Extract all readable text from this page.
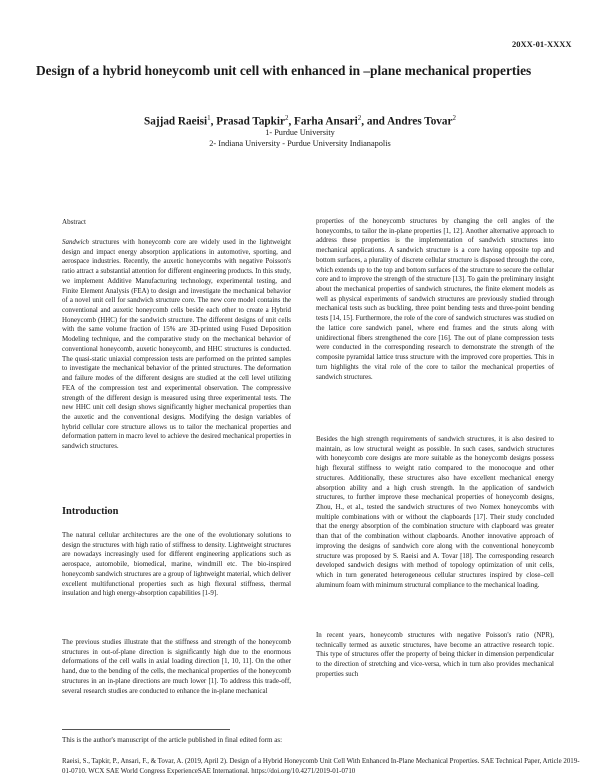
20XX-01-XXXX
Design of a hybrid honeycomb unit cell with enhanced in –plane mechanical properties
Sajjad Raeisi$^1$, Prasad Tapkir$^2$, Farha Ansari$^2$, and Andres Tovar$^2$
1- Purdue University
2- Indiana University - Purdue University Indianapolis
Abstract

Sandwich structures with honeycomb core are widely used in the lightweight design and impact energy absorption applications in automotive, sporting, and aerospace industries. Recently, the auxetic honeycombs with negative Poisson's ratio attract a substantial attention for different engineering products. In this study, we implement Additive Manufacturing technology, experimental testing, and Finite Element Analysis (FEA) to design and investigate the mechanical behavior of a novel unit cell for sandwich structure core. The new core model contains the conventional and auxetic honeycomb cells beside each other to create a Hybrid Honeycomb (HHC) for the sandwich structure. The different designs of unit cells with the same volume fraction of 15% are 3D-printed using Fused Deposition Modeling technique, and the comparative study on the mechanical behavior of conventional honeycomb, auxetic honeycomb, and HHC structures is conducted. The quasi-static uniaxial compression tests are performed on the printed samples to investigate the mechanical behavior of the printed structures. The deformation and failure modes of the different designs are studied at the cell level utilizing FEA of the compression test and experimental observation. The compressive strength of the different design is measured using three experimental tests. The new HHC unit cell design shows significantly higher mechanical properties than the auxetic and the conventional designs. Modifying the design variables of hybrid cellular core structure allows us to tailor the mechanical properties and deformation pattern in macro level to achieve the desired mechanical properties in sandwich structures.

Introduction
The natural cellular architectures are the one of the evolutionary solutions to design the structures with high ratio of stiffness to density. Lightweight structures are nowadays increasingly used for different engineering applications such as aerospace, automobile, biomedical, marine, windmill etc. The bio-inspired honeycomb sandwich structures are a group of lightweight material, which deliver excellent multifunctional properties such as high flexural stiffness, thermal insulation and high energy-absorption capabilities [1-9].
The previous studies illustrate that the stiffness and strength of the honeycomb structures in out-of-plane direction is significantly high due to the enormous deformations of the cell walls in axial loading direction [1, 10, 11]. On the other hand, due to the bending of the cells, the mechanical properties of the honeycomb structures in an in-plane directions are much lower [1]. To address this trade-off, several research studies are conducted to enhance the in-plane mechanical
properties of the honeycomb structures by changing the cell angles of the honeycombs, to tailor the in-plane properties [1, 12]. Another alternative approach to address these properties is the implementation of sandwich structures into mechanical applications. A sandwich structure is a core having opposite top and bottom surfaces, a plurality of discrete cellular structure is disposed through the core, which extends up to the top and bottom surfaces of the structure to secure the cellular core and to improve the strength of the structure [13]. To gain the preliminary insight about the mechanical properties of sandwich structures, the finite element models as well as physical experiments of sandwich structures are previously studied through mechanical tests such as buckling, three point bending tests and three-point bending tests [14, 15]. Furthermore, the role of the core of sandwich structures was studied on the lattice core sandwich panel, where end frames and the struts along with unidirectional fibers strengthened the core [16]. The out of plane compression tests were conducted in the corresponding research to demonstrate the strength of the composite pyramidal lattice truss structure with the improved core properties. This in turn highlights the vital role of the core to tailor the mechanical properties of sandwich structures.
Besides the high strength requirements of sandwich structures, it is also desired to maintain, as low structural weight as possible. In such cases, sandwich structures with honeycomb core designs are more suitable as the honeycomb designs possess high flexural stiffness to weight ratio compared to the monocoque and other structures. Additionally, these structures also have excellent mechanical energy absorption ability and a high crush strength. In the application of sandwich structures, to further improve these mechanical properties of honeycomb designs, Zhou, H., et al., tested the sandwich structures of two Nomex honeycombs with multiple combinations with or without the clapboards [17]. Their study concluded that the energy absorption of the combination structure with clapboard was greater than that of the combination without clapboards. Another innovative approach of improving the designs of sandwich core along with the conventional honeycomb structure was proposed by S. Raeisi and A. Tovar [18]. The corresponding research developed sandwich designs with method of topology optimization of unit cells, which in turn generated heterogeneous cellular structures inspired by close–cell aluminum foam with minimum structural compliance to the mechanical loading.
In recent years, honeycomb structures with negative Poisson's ratio (NPR), technically termed as auxetic structures, have become an attractive research topic. This type of structures offer the property of being thicker in dimension perpendicular to the direction of stretching and vice-versa, which in turn also provides mechanical properties such
This is the author's manuscript of the article published in final edited form as:
Raeisi, S., Tapkir, P., Ansari, F., & Tovar, A. (2019, April 2). Design of a Hybrid Honeycomb Unit Cell With Enhanced In-Plane Mechanical Properties. SAE Technical Paper, Article 2019-01-0710. WCX SAE World Congress ExperienceSAE International. https://doi.org/10.4271/2019-01-0710
